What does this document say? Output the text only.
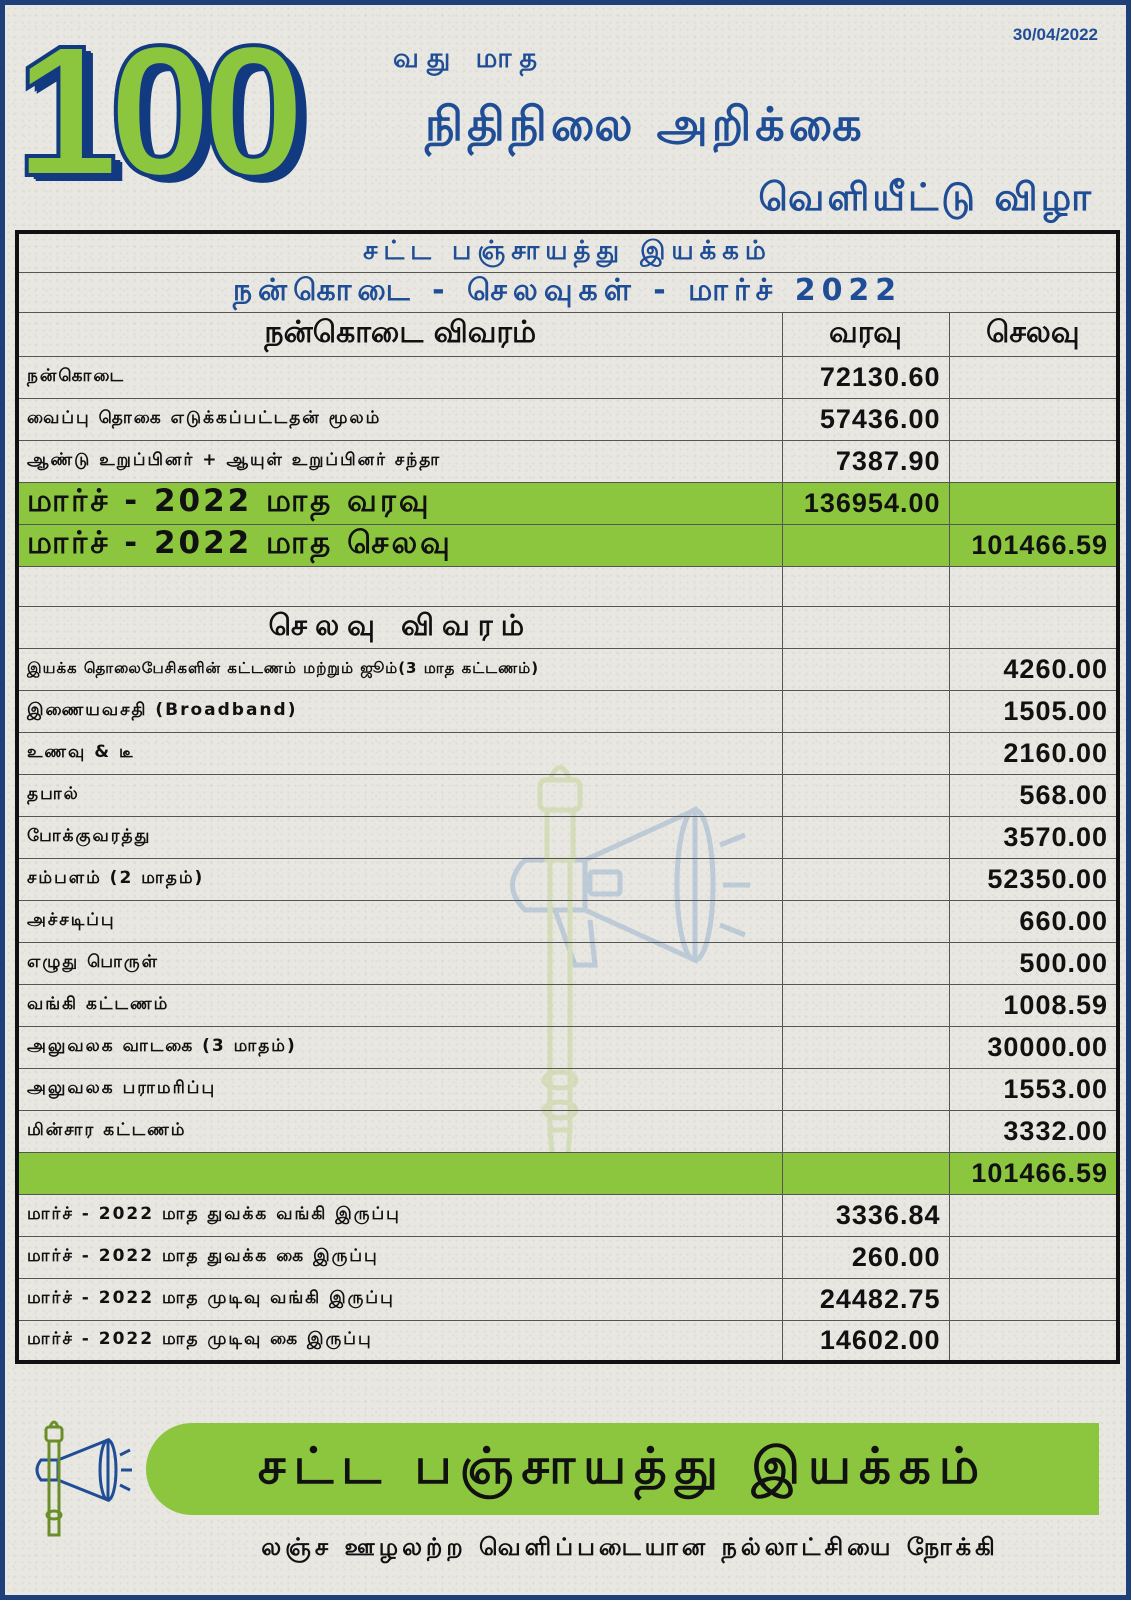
30/04/2022
100	வது மாத
நிதிநிலை அறிக்கை
வெளியீட்டு விழா
சட்ட பஞ்சாயத்து இயக்கம்		
நன்கொடை - செலவுகள் - மார்ச் 2022		
நன்கொடை விவரம்	வரவு	செலவு
நன்கொடை	72130.60	
வைப்பு தொகை எடுக்கப்பட்டதன் மூலம்	57436.00	
ஆண்டு உறுப்பினர் + ஆயுள் உறுப்பினர் சந்தா	7387.90	
மார்ச் - 2022 மாத வரவு	136954.00	
மார்ச் - 2022 மாத செலவு		101466.59

செலவு விவரம்		
இயக்க தொலைபேசிகளின் கட்டணம் மற்றும் ஜூம்(3 மாத கட்டணம்)		4260.00
இணையவசதி (Broadband)		1505.00
உணவு & டீ		2160.00
தபால்		568.00
போக்குவரத்து		3570.00
சம்பளம் (2 மாதம்)		52350.00
அச்சடிப்பு		660.00
எழுது பொருள்		500.00
வங்கி கட்டணம்		1008.59
அலுவலக வாடகை (3 மாதம்)		30000.00
அலுவலக பராமரிப்பு		1553.00
மின்சார கட்டணம்		3332.00
		101466.59
மார்ச் - 2022 மாத துவக்க வங்கி இருப்பு	3336.84	
மார்ச் - 2022 மாத துவக்க கை இருப்பு	260.00	
மார்ச் - 2022 மாத முடிவு வங்கி இருப்பு	24482.75	
மார்ச் - 2022 மாத முடிவு கை இருப்பு	14602.00	
சட்ட பஞ்சாயத்து இயக்கம்
லஞ்ச ஊழலற்ற வெளிப்படையான நல்லாட்சியை நோக்கி
